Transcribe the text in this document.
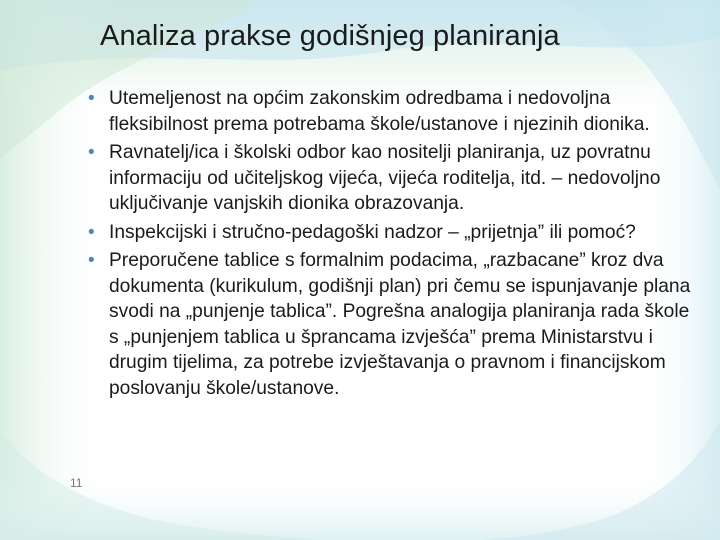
Analiza prakse godišnjeg planiranja
• Utemeljenost na općim zakonskim odredbama i nedovoljna fleksibilnost prema potrebama škole/ustanove i njezinih dionika.
• Ravnatelj/ica i školski odbor kao nositelji planiranja, uz povratnu informaciju od učiteljskog vijeća, vijeća roditelja, itd. – nedovoljno uključivanje vanjskih dionika obrazovanja.
• Inspekcijski i stručno-pedagoški nadzor – „prijetnja” ili pomoć?
• Preporučene tablice s formalnim podacima, „razbacane” kroz dva dokumenta (kurikulum, godišnji plan) pri čemu se ispunjavanje plana svodi na „punjenje tablica”. Pogrešna analogija planiranja rada škole s „punjenjem tablica u šprancama izvješća” prema Ministarstvu i drugim tijelima, za potrebe izvještavanja o pravnom i financijskom poslovanju škole/ustanove.
11
